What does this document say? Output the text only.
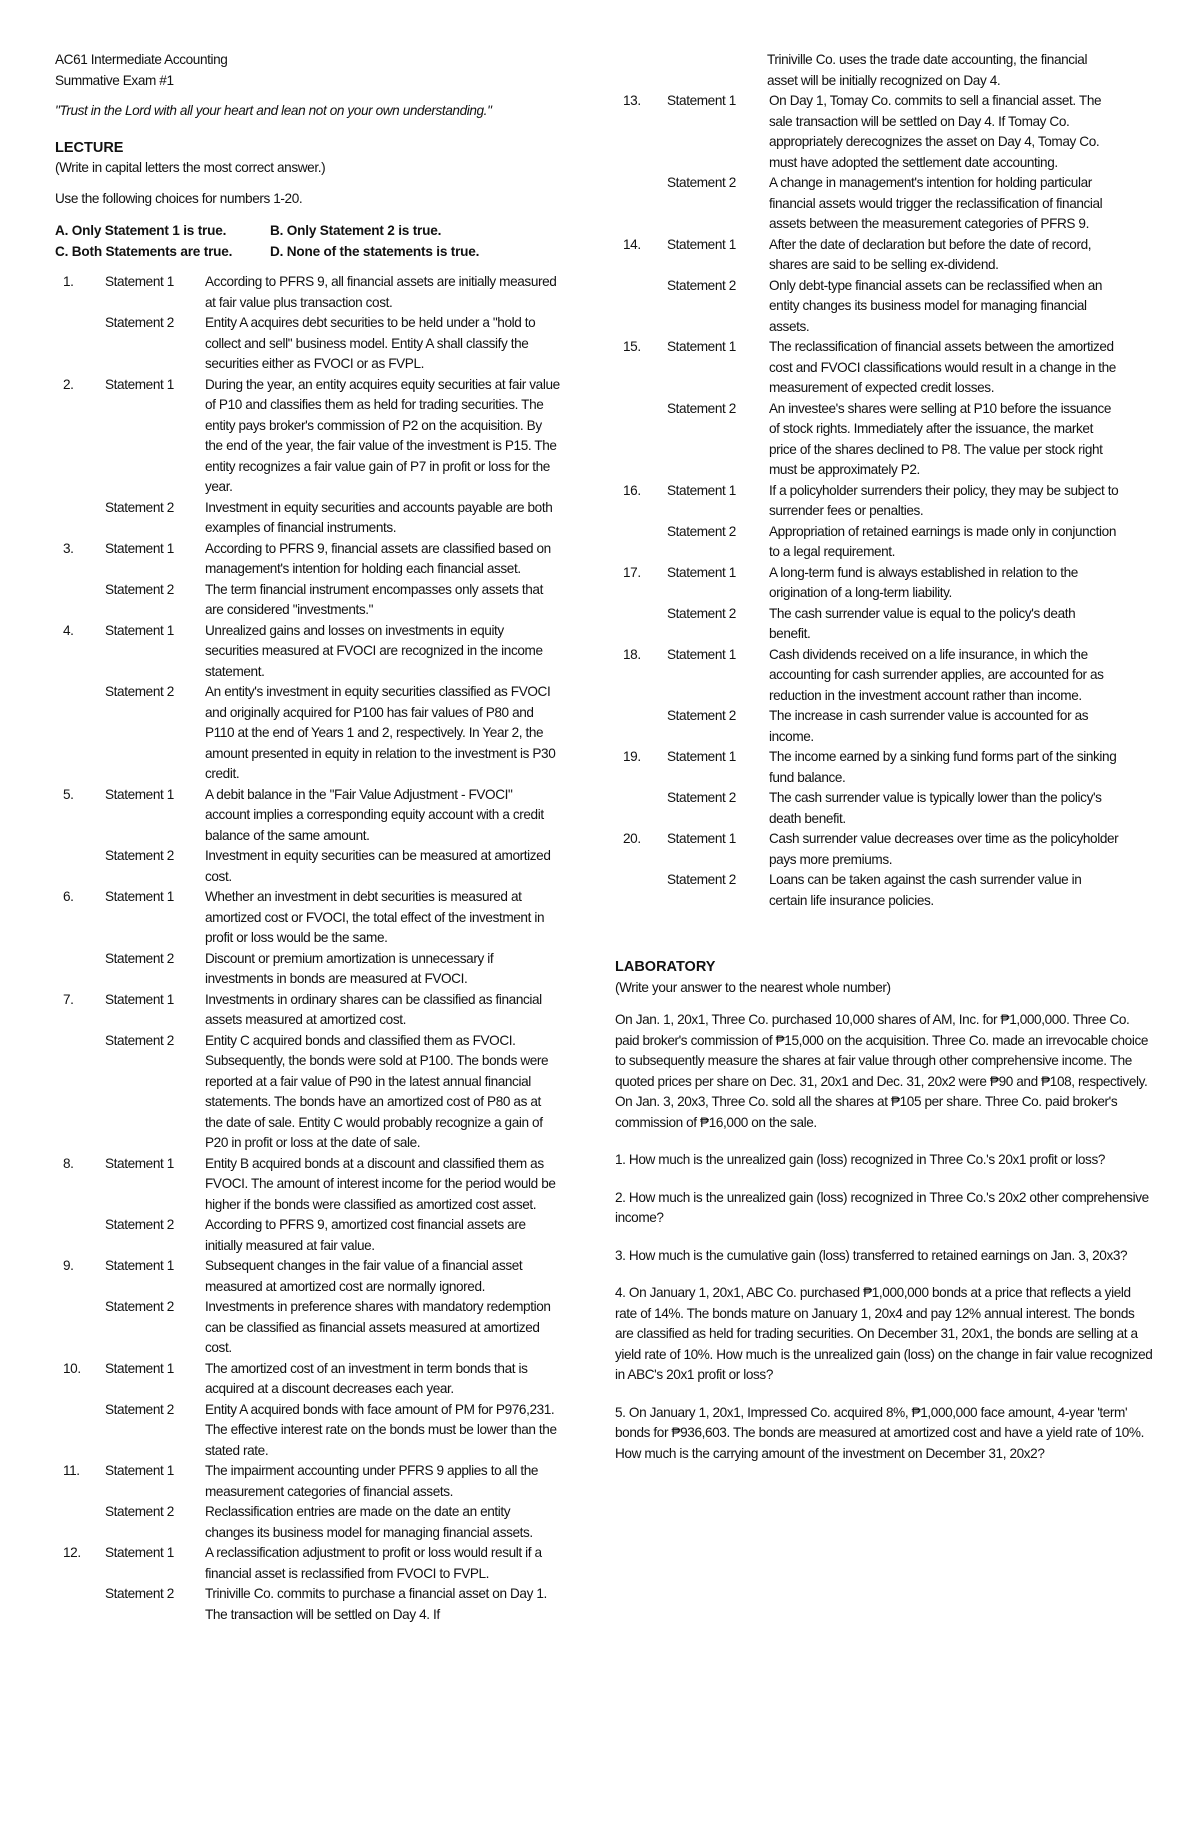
AC61 Intermediate Accounting

Summative Exam #1

"Trust in the Lord with all your heart and lean not on your own understanding."

LECTURE

(Write in capital letters the most correct answer.)

Use the following choices for numbers 1-20.

A. Only Statement 1 is true.	B. Only Statement 2 is true.
C. Both Statements are true.	D. None of the statements is true.
1.	Statement 1	According to PFRS 9, all financial assets are initially measured at fair value plus transaction cost.
Statement 2	Entity A acquires debt securities to be held under a "hold to collect and sell" business model. Entity A shall classify the securities either as FVOCI or as FVPL.
2.	Statement 1	During the year, an entity acquires equity securities at fair value of P10 and classifies them as held for trading securities. The entity pays broker's commission of P2 on the acquisition. By the end of the year, the fair value of the investment is P15. The entity recognizes a fair value gain of P7 in profit or loss for the year.
Statement 2	Investment in equity securities and accounts payable are both examples of financial instruments.
3.	Statement 1	According to PFRS 9, financial assets are classified based on management's intention for holding each financial asset.
Statement 2	The term financial instrument encompasses only assets that are considered "investments."
4.	Statement 1	Unrealized gains and losses on investments in equity securities measured at FVOCI are recognized in the income statement.
Statement 2	An entity's investment in equity securities classified as FVOCI and originally acquired for P100 has fair values of P80 and P110 at the end of Years 1 and 2, respectively. In Year 2, the amount presented in equity in relation to the investment is P30 credit.
5.	Statement 1	A debit balance in the "Fair Value Adjustment - FVOCI" account implies a corresponding equity account with a credit balance of the same amount.
Statement 2	Investment in equity securities can be measured at amortized cost.
6.	Statement 1	Whether an investment in debt securities is measured at amortized cost or FVOCI, the total effect of the investment in profit or loss would be the same.
Statement 2	Discount or premium amortization is unnecessary if investments in bonds are measured at FVOCI.
7.	Statement 1	Investments in ordinary shares can be classified as financial assets measured at amortized cost.
Statement 2	Entity C acquired bonds and classified them as FVOCI. Subsequently, the bonds were sold at P100. The bonds were reported at a fair value of P90 in the latest annual financial statements. The bonds have an amortized cost of P80 as at the date of sale. Entity C would probably recognize a gain of P20 in profit or loss at the date of sale.
8.	Statement 1	Entity B acquired bonds at a discount and classified them as FVOCI. The amount of interest income for the period would be higher if the bonds were classified as amortized cost asset.
Statement 2	According to PFRS 9, amortized cost financial assets are initially measured at fair value.
9.	Statement 1	Subsequent changes in the fair value of a financial asset measured at amortized cost are normally ignored.
Statement 2	Investments in preference shares with mandatory redemption can be classified as financial assets measured at amortized cost.
10.	Statement 1	The amortized cost of an investment in term bonds that is acquired at a discount decreases each year.
Statement 2	Entity A acquired bonds with face amount of PM for P976,231. The effective interest rate on the bonds must be lower than the stated rate.
11.	Statement 1	The impairment accounting under PFRS 9 applies to all the measurement categories of financial assets.
Statement 2	Reclassification entries are made on the date an entity changes its business model for managing financial assets.
12.	Statement 1	A reclassification adjustment to profit or loss would result if a financial asset is reclassified from FVOCI to FVPL.
Statement 2	Triniville Co. commits to purchase a financial asset on Day 1. The transaction will be settled on Day 4. If

Triniville Co. uses the trade date accounting, the financial asset will be initially recognized on Day 4.

13.	Statement 1	On Day 1, Tomay Co. commits to sell a financial asset. The sale transaction will be settled on Day 4. If Tomay Co. appropriately derecognizes the asset on Day 4, Tomay Co. must have adopted the settlement date accounting.
Statement 2	A change in management's intention for holding particular financial assets would trigger the reclassification of financial assets between the measurement categories of PFRS 9.
14.	Statement 1	After the date of declaration but before the date of record, shares are said to be selling ex-dividend.
Statement 2	Only debt-type financial assets can be reclassified when an entity changes its business model for managing financial assets.
15.	Statement 1	The reclassification of financial assets between the amortized cost and FVOCI classifications would result in a change in the measurement of expected credit losses.
Statement 2	An investee's shares were selling at P10 before the issuance of stock rights. Immediately after the issuance, the market price of the shares declined to P8. The value per stock right must be approximately P2.
16.	Statement 1	If a policyholder surrenders their policy, they may be subject to surrender fees or penalties.
Statement 2	Appropriation of retained earnings is made only in conjunction to a legal requirement.
17.	Statement 1	A long-term fund is always established in relation to the origination of a long-term liability.
Statement 2	The cash surrender value is equal to the policy's death benefit.
18.	Statement 1	Cash dividends received on a life insurance, in which the accounting for cash surrender applies, are accounted for as reduction in the investment account rather than income.
Statement 2	The increase in cash surrender value is accounted for as income.
19.	Statement 1	The income earned by a sinking fund forms part of the sinking fund balance.
Statement 2	The cash surrender value is typically lower than the policy's death benefit.
20.	Statement 1	Cash surrender value decreases over time as the policyholder pays more premiums.
Statement 2	Loans can be taken against the cash surrender value in certain life insurance policies.

LABORATORY

(Write your answer to the nearest whole number)

On Jan. 1, 20x1, Three Co. purchased 10,000 shares of AM, Inc. for ₱1,000,000. Three Co. paid broker's commission of ₱15,000 on the acquisition. Three Co. made an irrevocable choice to subsequently measure the shares at fair value through other comprehensive income. The quoted prices per share on Dec. 31, 20x1 and Dec. 31, 20x2 were ₱90 and ₱108, respectively. On Jan. 3, 20x3, Three Co. sold all the shares at ₱105 per share. Three Co. paid broker's commission of ₱16,000 on the sale.

1. How much is the unrealized gain (loss) recognized in Three Co.'s 20x1 profit or loss?

2. How much is the unrealized gain (loss) recognized in Three Co.'s 20x2 other comprehensive income?

3. How much is the cumulative gain (loss) transferred to retained earnings on Jan. 3, 20x3?

4. On January 1, 20x1, ABC Co. purchased ₱1,000,000 bonds at a price that reflects a yield rate of 14%. The bonds mature on January 1, 20x4 and pay 12% annual interest. The bonds are classified as held for trading securities. On December 31, 20x1, the bonds are selling at a yield rate of 10%. How much is the unrealized gain (loss) on the change in fair value recognized in ABC's 20x1 profit or loss?

5. On January 1, 20x1, Impressed Co. acquired 8%, ₱1,000,000 face amount, 4-year 'term' bonds for ₱936,603. The bonds are measured at amortized cost and have a yield rate of 10%. How much is the carrying amount of the investment on December 31, 20x2?
